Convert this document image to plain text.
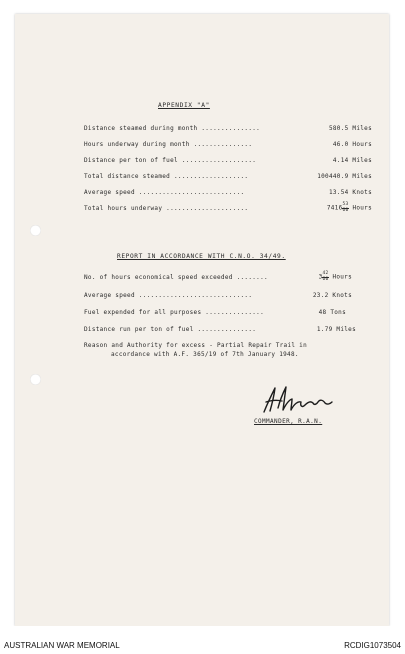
APPENDIX "A"
Distance steamed during month ...............	580.5 Miles
Hours underway during month ...............	46.0 Hours
Distance per ton of fuel ...................	4.14 Miles
Total distance steamed ...................	100440.9 Miles
Average speed ...........................	13.54 Knots
Total hours underway .....................	$7416 \frac{53}{60}$ Hours
REPORT IN ACCORDANCE WITH C.N.O. 34/49.
No. of hours economical speed exceeded ........	$3 \frac{42}{60}$ Hours
Average speed .............................	23.2 Knots
Fuel expended for all purposes ...............	48 Tons
Distance run per ton of fuel ...............	1.79 Miles
Reason and Authority for excess - Partial Repair Trail in
accordance with A.F. 365/19 of 7th January 1948.
COMMANDER, R.A.N.
AUSTRALIAN WAR MEMORIAL	RCDIG1073504
